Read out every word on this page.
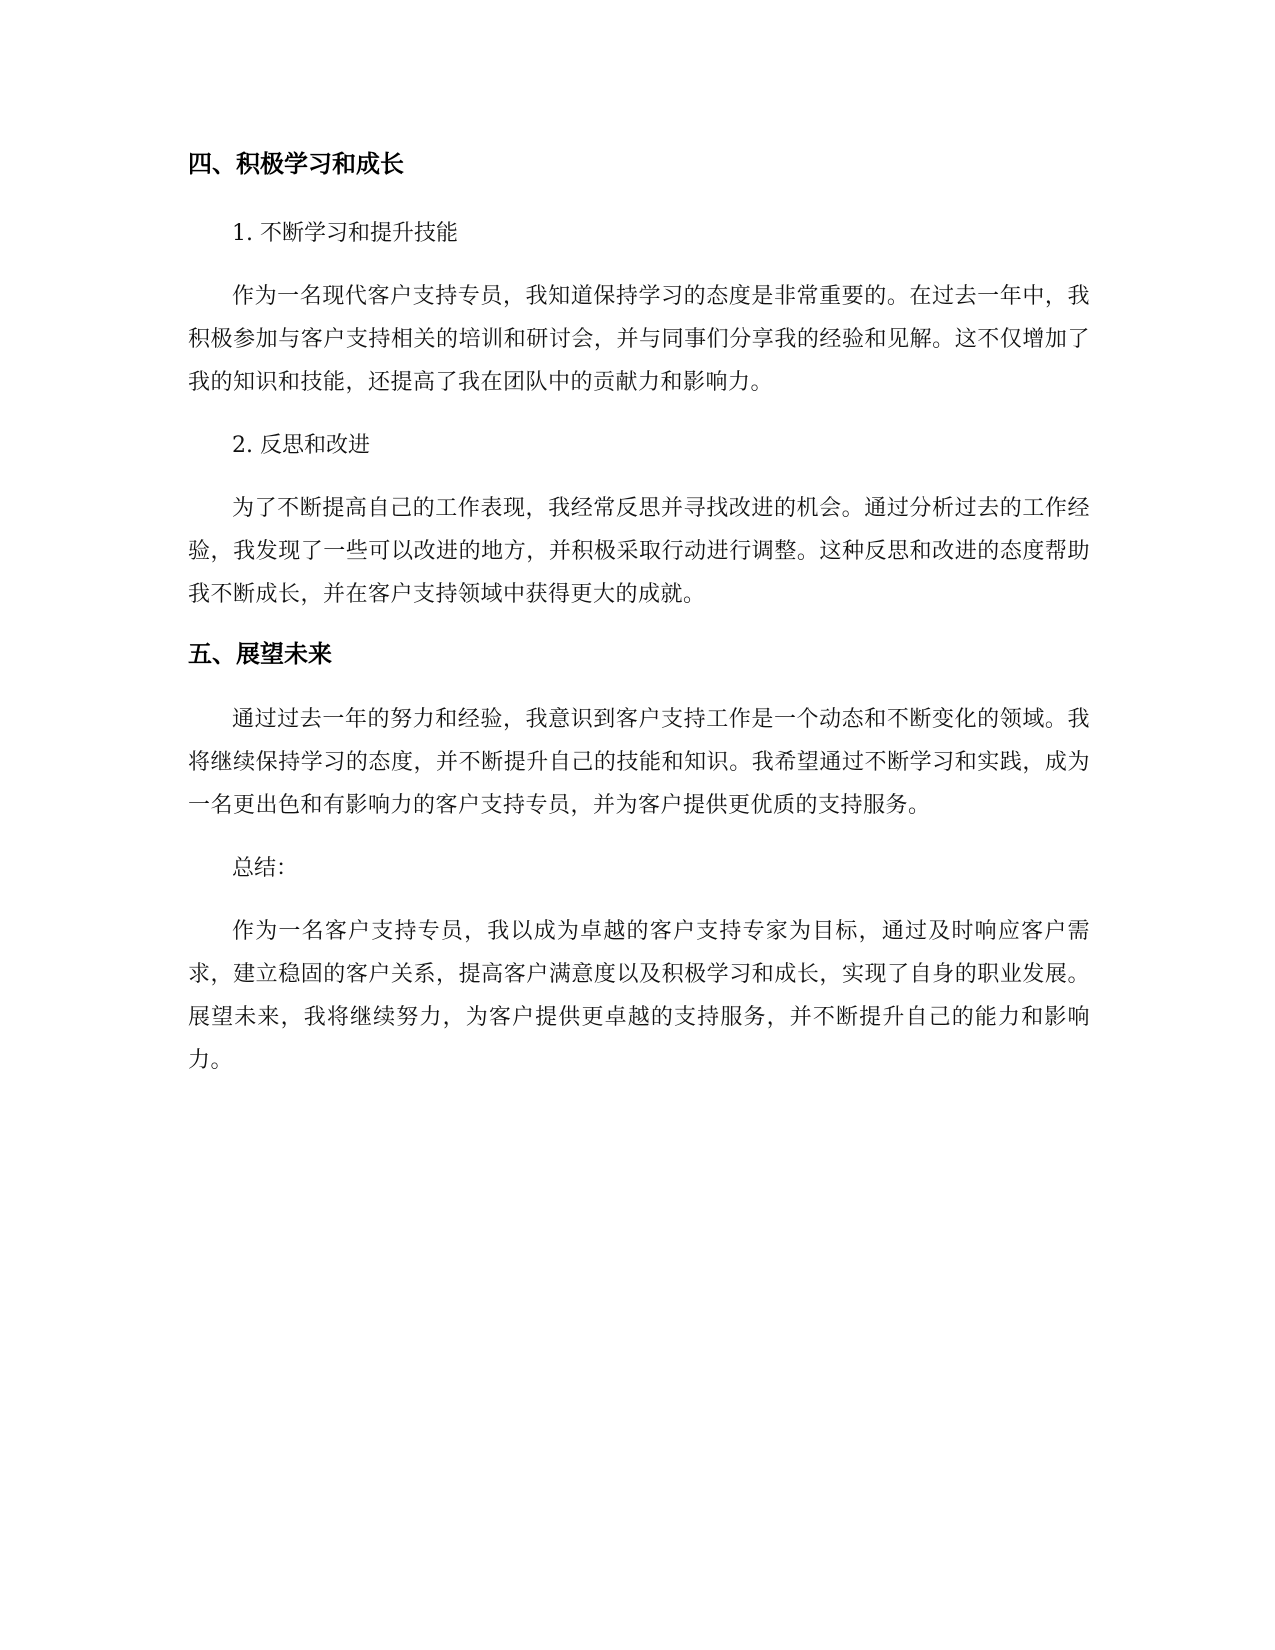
四、积极学习和成长

1. 不断学习和提升技能

作为一名现代客户支持专员，我知道保持学习的态度是非常重要的。在过去一年中，我积极参加与客户支持相关的培训和研讨会，并与同事们分享我的经验和见解。这不仅增加了我的知识和技能，还提高了我在团队中的贡献力和影响力。

2. 反思和改进

为了不断提高自己的工作表现，我经常反思并寻找改进的机会。通过分析过去的工作经验，我发现了一些可以改进的地方，并积极采取行动进行调整。这种反思和改进的态度帮助我不断成长，并在客户支持领域中获得更大的成就。

五、展望未来

通过过去一年的努力和经验，我意识到客户支持工作是一个动态和不断变化的领域。我将继续保持学习的态度，并不断提升自己的技能和知识。我希望通过不断学习和实践，成为一名更出色和有影响力的客户支持专员，并为客户提供更优质的支持服务。

总结：

作为一名客户支持专员，我以成为卓越的客户支持专家为目标，通过及时响应客户需求，建立稳固的客户关系，提高客户满意度以及积极学习和成长，实现了自身的职业发展。展望未来，我将继续努力，为客户提供更卓越的支持服务，并不断提升自己的能力和影响力。
